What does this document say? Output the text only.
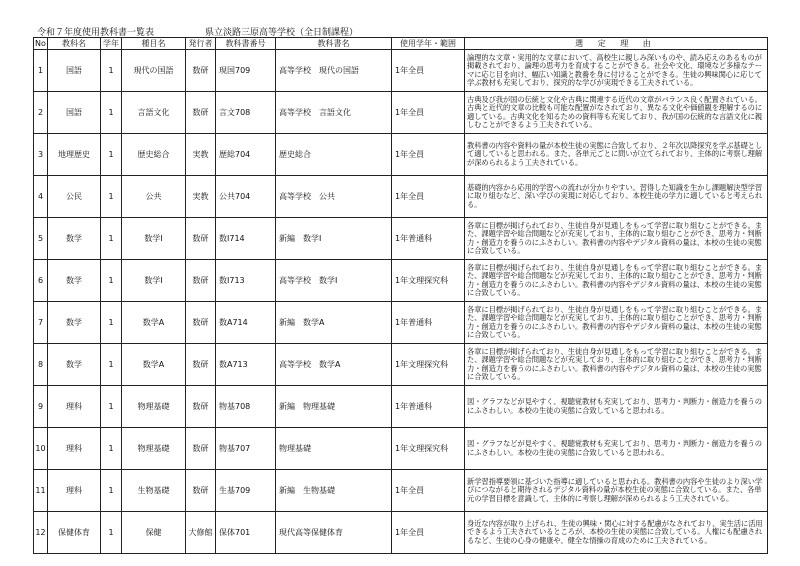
令和７年度使用教科書一覧表	県立淡路三原高等学校（全日制課程）
No	教科名	学年	種目名	発行者	教科書番号	教科書名	使用学年・範囲	選 定 理 由
1	国語	1	現代の国語	数研	現国709	高等学校　現代の国語	1年全員	論理的な文章・実用的な文章において、高校生に親しみ深いものや、読み応えのあるものが掲載されており、論理の思考力を育成することができる。社会や文化、環境など多様なテーマに応じ目を向け、幅広い知識と教養を身に付けることができる。生徒の興味関心に応じて学ぶ教材も充実しており、探究的な学びが実現できる工夫されている。
2	国語	1	言語文化	数研	言文708	高等学校　言語文化	1年全員	古典及び我が国の伝統と文化や古典に関連する近代の文章がバランス良く配置されている。古典と近代的文章の比較も可能な配置がなされており、異なる文化や価値観を理解するのに適している。古典文化を知るための資料等も充実しており、我が国の伝統的な言語文化に親しむことができるよう工夫されている。
3	地理歴史	1	歴史総合	実教	歴総704	歴史総合	1年全員	教科書の内容や資料の量が本校生徒の実態に合致しており、２年次以降探究を学ぶ基礎として適していると思われる。また、各単元ごとに問いが立てられており、主体的に考察し理解が深められるよう工夫されている。
4	公民	1	公共	実教	公共704	高等学校　公共	1年全員	基礎的内容から応用的学習への流れが分かりやすい。習得した知識を生かし課題解決型学習に取り組むなど、深い学びの実現に対応しており、本校生徒の学力に適していると考えられる。
5	数学	1	数学Ⅰ	数研	数Ⅰ714	新編　数学Ⅰ	1年普通科	各章に目標が掲げられており、生徒自身が見通しをもって学習に取り組むことができる。また、課題学習や総合問題などが充実しており、主体的に取り組むことができ、思考力・判断力・創造力を養うのにふさわしい。教科書の内容やデジタル資料の量は、本校の生徒の実態に合致している。
6	数学	1	数学Ⅰ	数研	数Ⅰ713	高等学校　数学Ⅰ	1年文理探究科	各章に目標が掲げられており、生徒自身が見通しをもって学習に取り組むことができる。また、課題学習や総合問題などが充実しており、主体的に取り組むことができ、思考力・判断力・創造力を養うのにふさわしい。教科書の内容やデジタル資料の量は、本校の生徒の実態に合致している。
7	数学	1	数学A	数研	数A714	新編　数学A	1年普通科	各章に目標が掲げられており、生徒自身が見通しをもって学習に取り組むことができる。また、課題学習や総合問題などが充実しており、主体的に取り組むことができ、思考力・判断力・創造力を養うのにふさわしい。教科書の内容やデジタル資料の量は、本校の生徒の実態に合致している。
8	数学	1	数学A	数研	数A713	高等学校　数学A	1年文理探究科	各章に目標が掲げられており、生徒自身が見通しをもって学習に取り組むことができる。また、課題学習や総合問題などが充実しており、主体的に取り組むことができ、思考力・判断力・創造力を養うのにふさわしい。教科書の内容やデジタル資料の量は、本校の生徒の実態に合致している。
9	理科	1	物理基礎	数研	物基708	新編　物理基礎	1年普通科	図・グラフなどが見やすく、視聴覚教材も充実しており、思考力・判断力・創造力を養うのにふさわしい。本校の生徒の実態に合致していると思われる。
10	理科	1	物理基礎	数研	物基707	物理基礎	1年文理探究科	図・グラフなどが見やすく、視聴覚教材も充実しており、思考力・判断力・創造力を養うのにふさわしい。本校の生徒の実態に合致していると思われる。
11	理科	1	生物基礎	数研	生基709	新編　生物基礎	1年全員	新学習指導要領に基づいた指導に適していると思われる。教科書の内容や生徒のより深い学びにつながると期待されるデジタル資料の量が本校生徒の実態に合致している。また、各単元の学習目標を意識して、主体的に考察し理解が深められるよう工夫されている。
12	保健体育	1	保健	大修館	保体701	現代高等保健体育	1年全員	身近な内容が取り上げられ、生徒の興味・関心に対する配慮がなされており、実生活に活用できるよう工夫されているところが、本校の生徒の実態に合致している。人権にも配慮されるなど、生徒の心身の健康や、健全な情操の育成のために工夫されている。
